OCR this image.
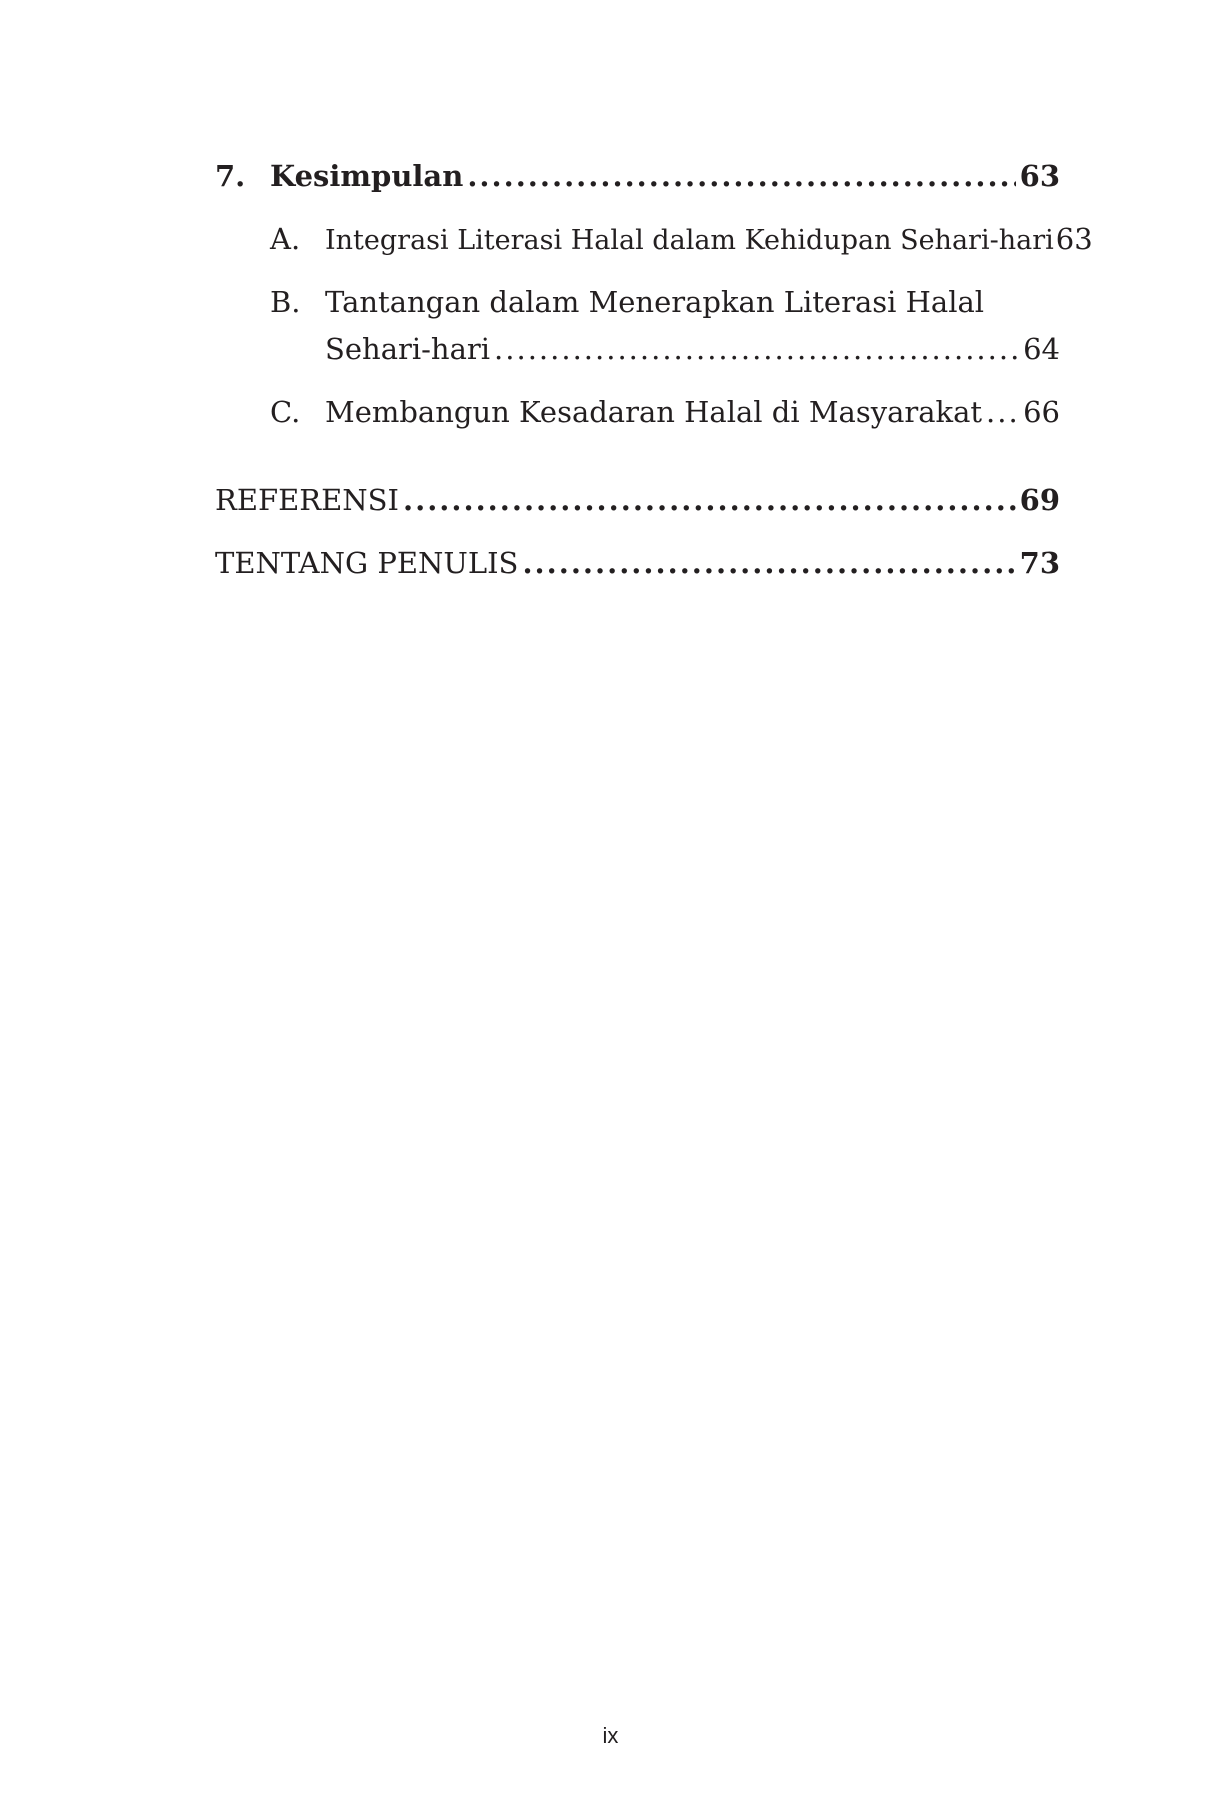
7. Kesimpulan .....	63
A. Integrasi Literasi Halal dalam Kehidupan Sehari-hari 63
B. Tantangan dalam Menerapkan Literasi Halal
Sehari-hari .....	64
C. Membangun Kesadaran Halal di Masyarakat ..... 66
REFERENSI .....	69
TENTANG PENULIS .....	73
ix
